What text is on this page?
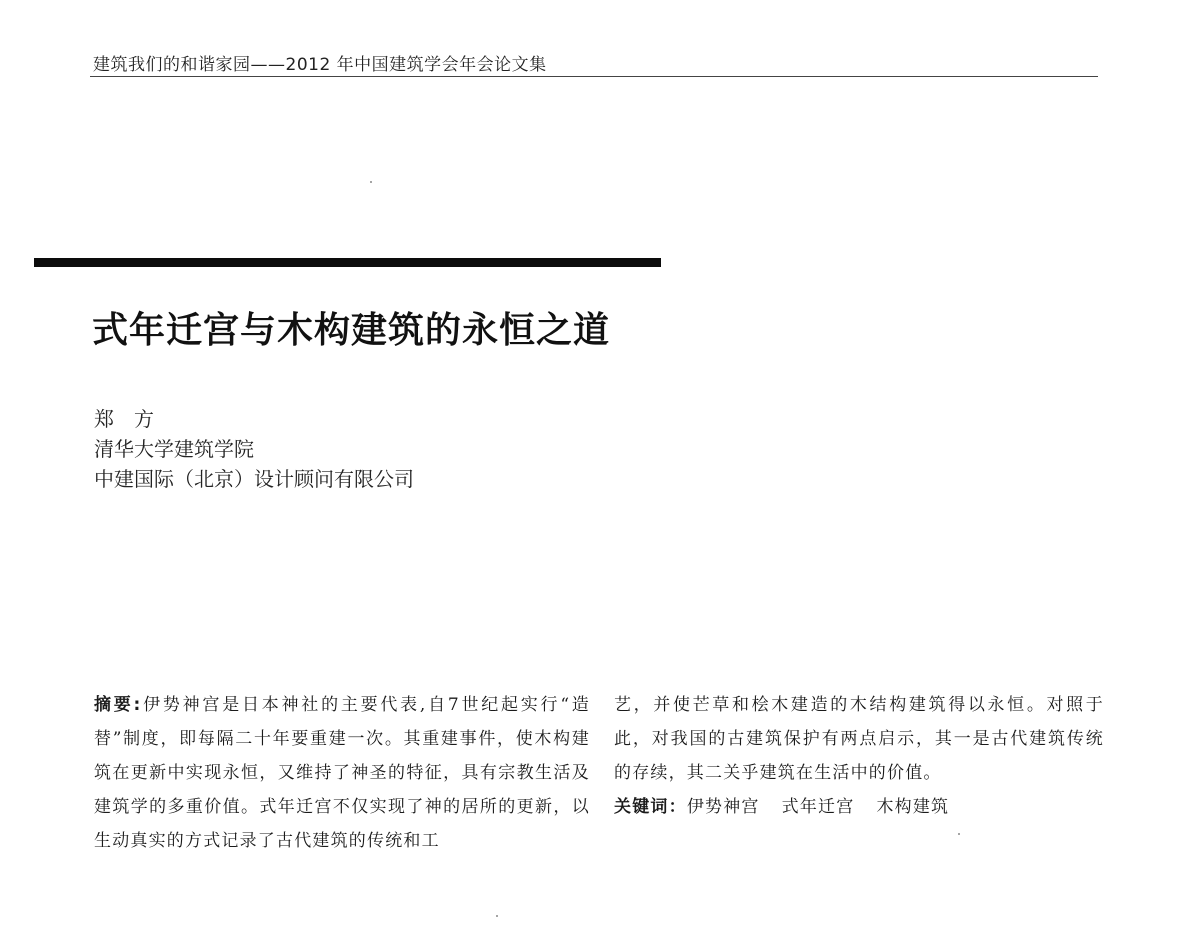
建筑我们的和谐家园——2012 年中国建筑学会年会论文集
式年迁宫与木构建筑的永恒之道
郑方
清华大学建筑学院
中建国际（北京）设计顾问有限公司
摘要:伊势神宫是日本神社的主要代表,自7世纪起实行“造替”制度，即每隔二十年要重建一次。其重建事件，使木构建筑在更新中实现永恒，又维持了神圣的特征，具有宗教生活及建筑学的多重价值。式年迁宫不仅实现了神的居所的更新，以生动真实的方式记录了古代建筑的传统和工
艺，并使芒草和桧木建造的木结构建筑得以永恒。对照于此，对我国的古建筑保护有两点启示，其一是古代建筑传统的存续，其二关乎建筑在生活中的价值。
关键词：伊势神宫 式年迁宫 木构建筑
